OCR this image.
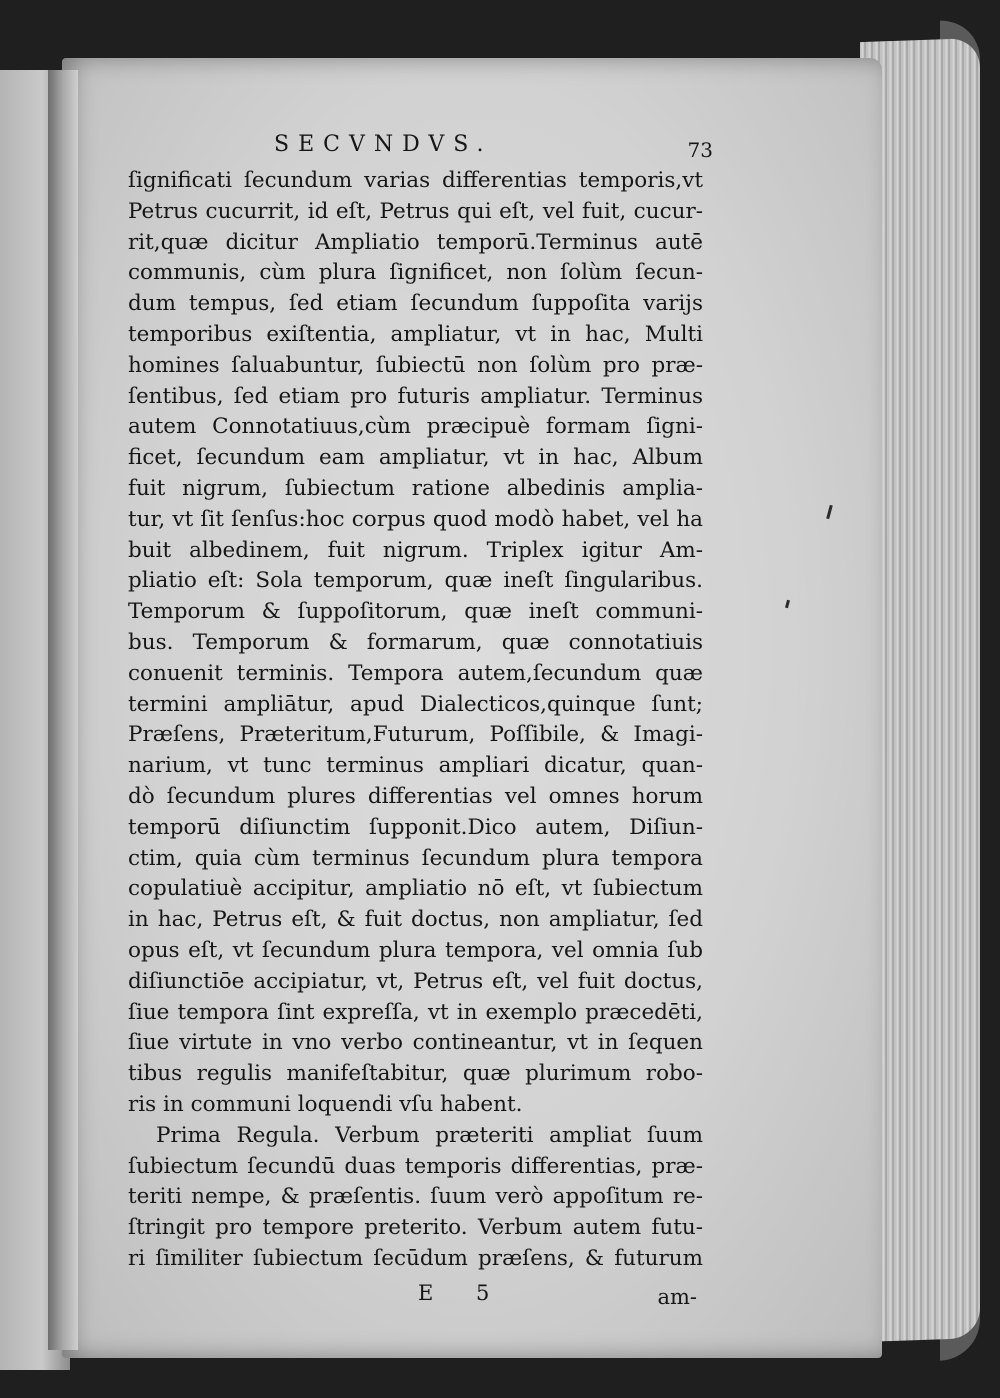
SECVNDVS.	73
ſignificati ſecundum varias differentias temporis,vt
Petrus cucurrit, id eſt, Petrus qui eſt, vel fuit, cucur-
rit,quæ dicitur Ampliatio temporū.Terminus autē
communis, cùm plura ſignificet, non ſolùm ſecun-
dum tempus, ſed etiam ſecundum ſuppoſita varijs
temporibus exiſtentia, ampliatur, vt in hac, Multi
homines ſaluabuntur, ſubiectū non ſolùm pro præ-
ſentibus, ſed etiam pro futuris ampliatur. Terminus
autem Connotatiuus,cùm præcipuè formam ſigni-
ficet, ſecundum eam ampliatur, vt in hac, Album
fuit nigrum, ſubiectum ratione albedinis amplia-
tur, vt ſit ſenſus:hoc corpus quod modò habet, vel ha
buit albedinem, fuit nigrum. Triplex igitur Am-
pliatio eſt: Sola temporum, quæ ineſt ſingularibus.
Temporum & ſuppoſitorum, quæ ineſt communi-
bus. Temporum & formarum, quæ connotatiuis
conuenit terminis. Tempora autem,ſecundum quæ
termini ampliātur, apud Dialecticos,quinque ſunt;
Præſens, Præteritum,Futurum, Poſſibile, & Imagi-
narium, vt tunc terminus ampliari dicatur, quan-
dò ſecundum plures differentias vel omnes horum
temporū diſiunctim ſupponit.Dico autem, Diſiun-
ctim, quia cùm terminus ſecundum plura tempora
copulatiuè accipitur, ampliatio nō eſt, vt ſubiectum
in hac, Petrus eſt, & fuit doctus, non ampliatur, ſed
opus eſt, vt ſecundum plura tempora, vel omnia ſub
diſiunctiōe accipiatur, vt, Petrus eſt, vel fuit doctus,
ſiue tempora ſint expreſſa, vt in exemplo præcedēti,
ſiue virtute in vno verbo contineantur, vt in ſequen
tibus regulis manifeſtabitur, quæ plurimum robo-
ris in communi loquendi vſu habent.
Prima Regula. Verbum præteriti ampliat ſuum
ſubiectum ſecundū duas temporis differentias, præ-
teriti nempe, & præſentis. ſuum verò appoſitum re-
ſtringit pro tempore preterito. Verbum autem futu-
ri ſimiliter ſubiectum ſecūdum præſens, & futurum
E 5	am-
